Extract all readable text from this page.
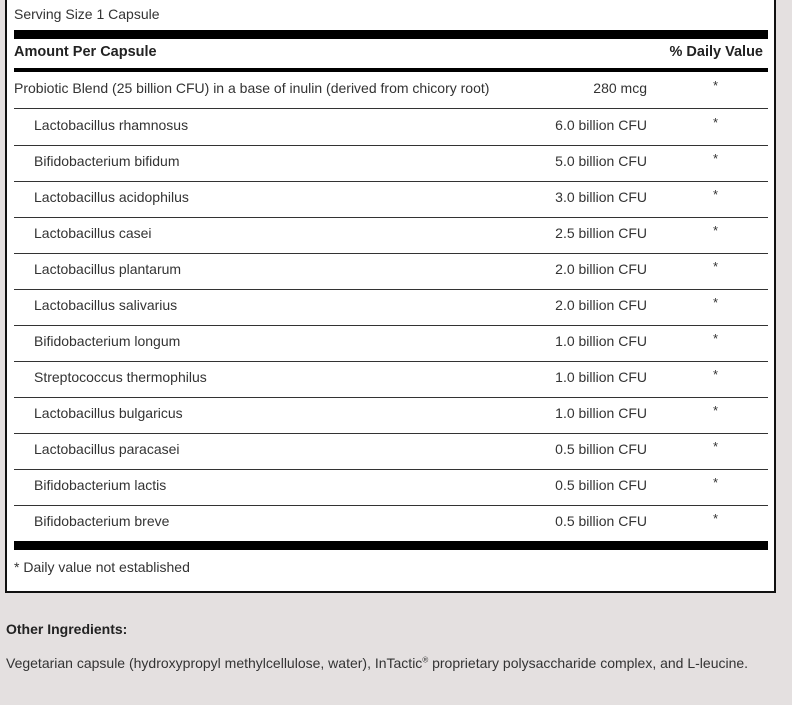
Serving Size 1 Capsule
Amount Per Capsule	% Daily Value
Probiotic Blend (25 billion CFU) in a base of inulin (derived from chicory root)	280 mcg	*
Lactobacillus rhamnosus	6.0 billion CFU	*
Bifidobacterium bifidum	5.0 billion CFU	*
Lactobacillus acidophilus	3.0 billion CFU	*
Lactobacillus casei	2.5 billion CFU	*
Lactobacillus plantarum	2.0 billion CFU	*
Lactobacillus salivarius	2.0 billion CFU	*
Bifidobacterium longum	1.0 billion CFU	*
Streptococcus thermophilus	1.0 billion CFU	*
Lactobacillus bulgaricus	1.0 billion CFU	*
Lactobacillus paracasei	0.5 billion CFU	*
Bifidobacterium lactis	0.5 billion CFU	*
Bifidobacterium breve	0.5 billion CFU	*
* Daily value not established
Other Ingredients:
Vegetarian capsule (hydroxypropyl methylcellulose, water), InTactic® proprietary polysaccharide complex, and L-leucine.
